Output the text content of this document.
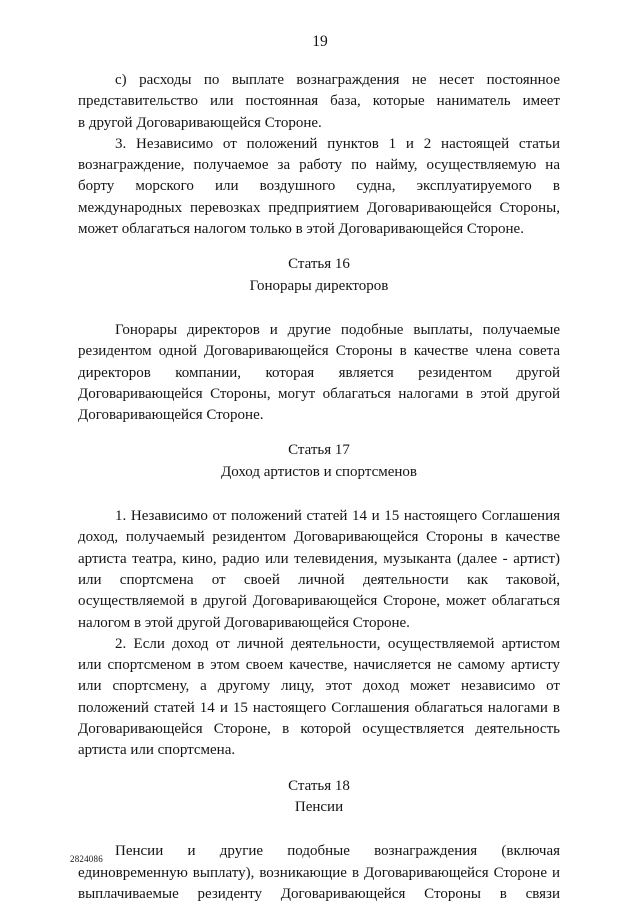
19
c) расходы по выплате вознаграждения не несет постоянное
представительство или постоянная база, которые наниматель имеет
в другой Договаривающейся Стороне.
3. Независимо от положений пунктов 1 и 2 настоящей статьи
вознаграждение, получаемое за работу по найму, осуществляемую на
борту морского или воздушного судна, эксплуатируемого в
международных перевозках предприятием Договаривающейся Стороны,
может облагаться налогом только в этой Договаривающейся Стороне.
Статья 16
Гонорары директоров
Гонорары директоров и другие подобные выплаты, получаемые
резидентом одной Договаривающейся Стороны в качестве члена совета
директоров компании, которая является резидентом другой
Договаривающейся Стороны, могут облагаться налогами в этой другой
Договаривающейся Стороне.
Статья 17
Доход артистов и спортсменов
1. Независимо от положений статей 14 и 15 настоящего Соглашения
доход, получаемый резидентом Договаривающейся Стороны в качестве
артиста театра, кино, радио или телевидения, музыканта (далее - артист)
или спортсмена от своей личной деятельности как таковой,
осуществляемой в другой Договаривающейся Стороне, может облагаться
налогом в этой другой Договаривающейся Стороне.
2. Если доход от личной деятельности, осуществляемой артистом
или спортсменом в этом своем качестве, начисляется не самому артисту
или спортсмену, а другому лицу, этот доход может независимо от
положений статей 14 и 15 настоящего Соглашения облагаться налогами в
Договаривающейся Стороне, в которой осуществляется деятельность
артиста или спортсмена.
Статья 18
Пенсии
Пенсии и другие подобные вознаграждения (включая
единовременную выплату), возникающие в Договаривающейся Стороне и
выплачиваемые резиденту Договаривающейся Стороны в связи
2824086
